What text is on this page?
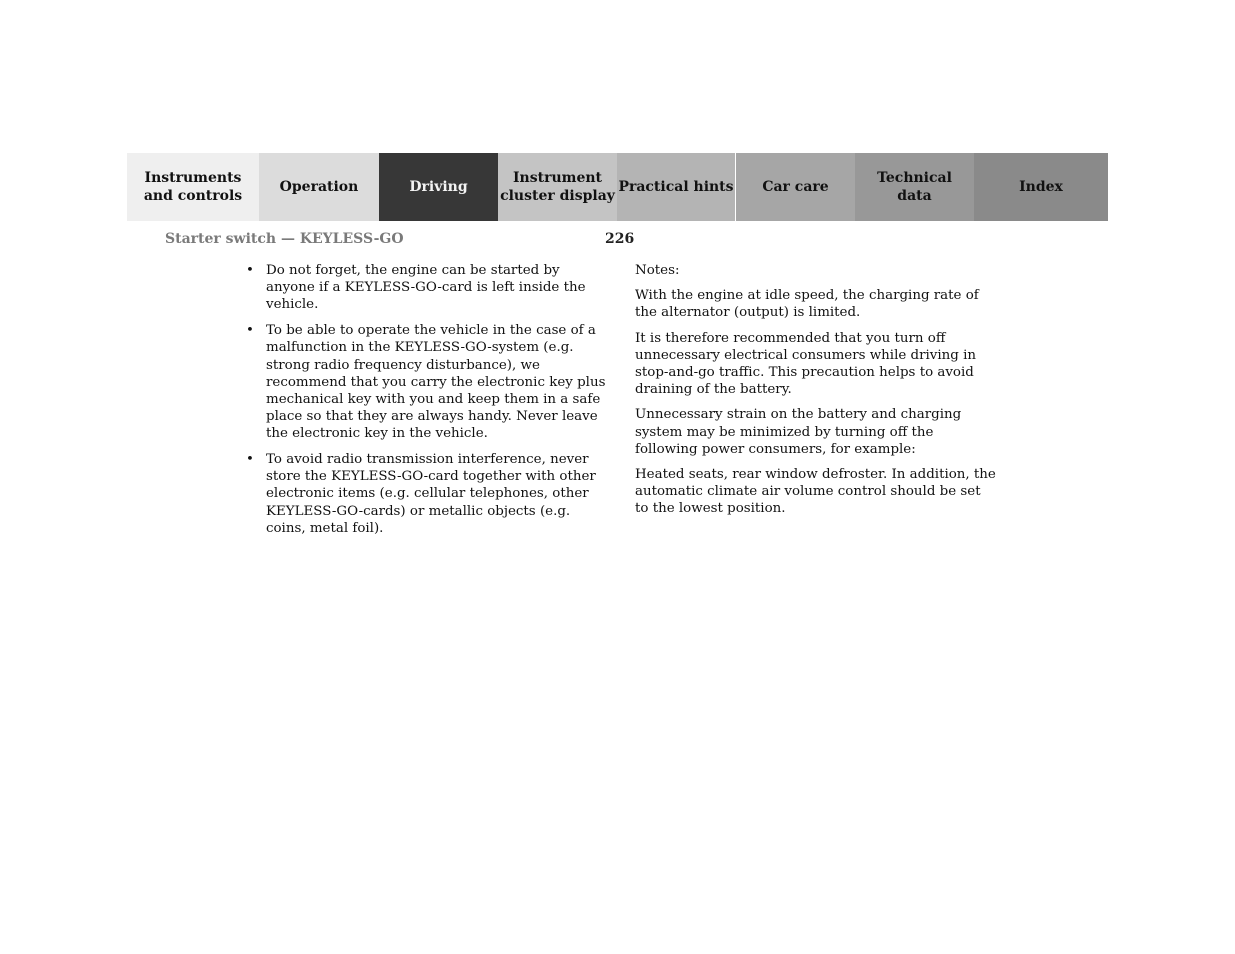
Instruments
and controls
Operation	Driving
Instrument
cluster display
Practical hints	Car care
Technical
data
Index
Starter switch — KEYLESS-GO	226
• Do not forget, the engine can be started by anyone if a KEYLESS-GO-card is left inside the vehicle.
• To be able to operate the vehicle in the case of a malfunction in the KEYLESS-GO-system (e.g. strong radio frequency disturbance), we recommend that you carry the electronic key plus mechanical key with you and keep them in a safe place so that they are always handy. Never leave the electronic key in the vehicle.
• To avoid radio transmission interference, never store the KEYLESS-GO-card together with other electronic items (e.g. cellular telephones, other KEYLESS-GO-cards) or metallic objects (e.g. coins, metal foil).

Notes:

With the engine at idle speed, the charging rate of the alternator (output) is limited.

It is therefore recommended that you turn off unnecessary electrical consumers while driving in stop-and-go traffic. This precaution helps to avoid draining of the battery.

Unnecessary strain on the battery and charging system may be minimized by turning off the following power consumers, for example:

Heated seats, rear window defroster. In addition, the automatic climate air volume control should be set to the lowest position.
